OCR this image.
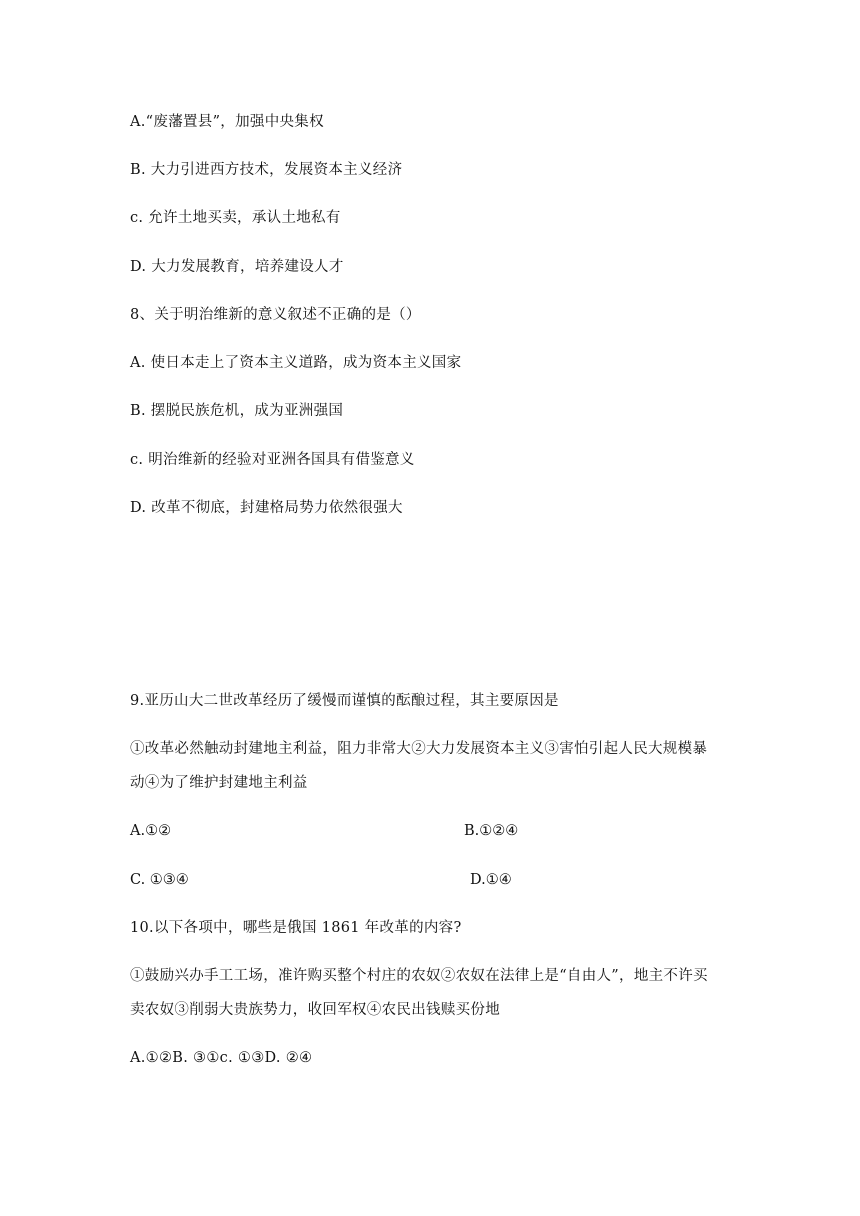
A.“废藩置县”，加强中央集权
B. 大力引进西方技术，发展资本主义经济
c. 允许土地买卖，承认土地私有
D. 大力发展教育，培养建设人才
8、关于明治维新的意义叙述不正确的是（）
A. 使日本走上了资本主义道路，成为资本主义国家
B. 摆脱民族危机，成为亚洲强国
c. 明治维新的经验对亚洲各国具有借鉴意义
D. 改革不彻底，封建格局势力依然很强大
9.亚历山大二世改革经历了缓慢而谨慎的酝酿过程，其主要原因是
①改革必然触动封建地主利益，阻力非常大②大力发展资本主义③害怕引起人民大规模暴
动④为了维护封建地主利益
A.①②	B.①②④
C. ①③④	D.①④
10.以下各项中，哪些是俄国 1861 年改革的内容?
①鼓励兴办手工工场，准许购买整个村庄的农奴②农奴在法律上是“自由人”，地主不许买
卖农奴③削弱大贵族势力，收回军权④农民出钱赎买份地
A.①②B. ③①c. ①③D. ②④
